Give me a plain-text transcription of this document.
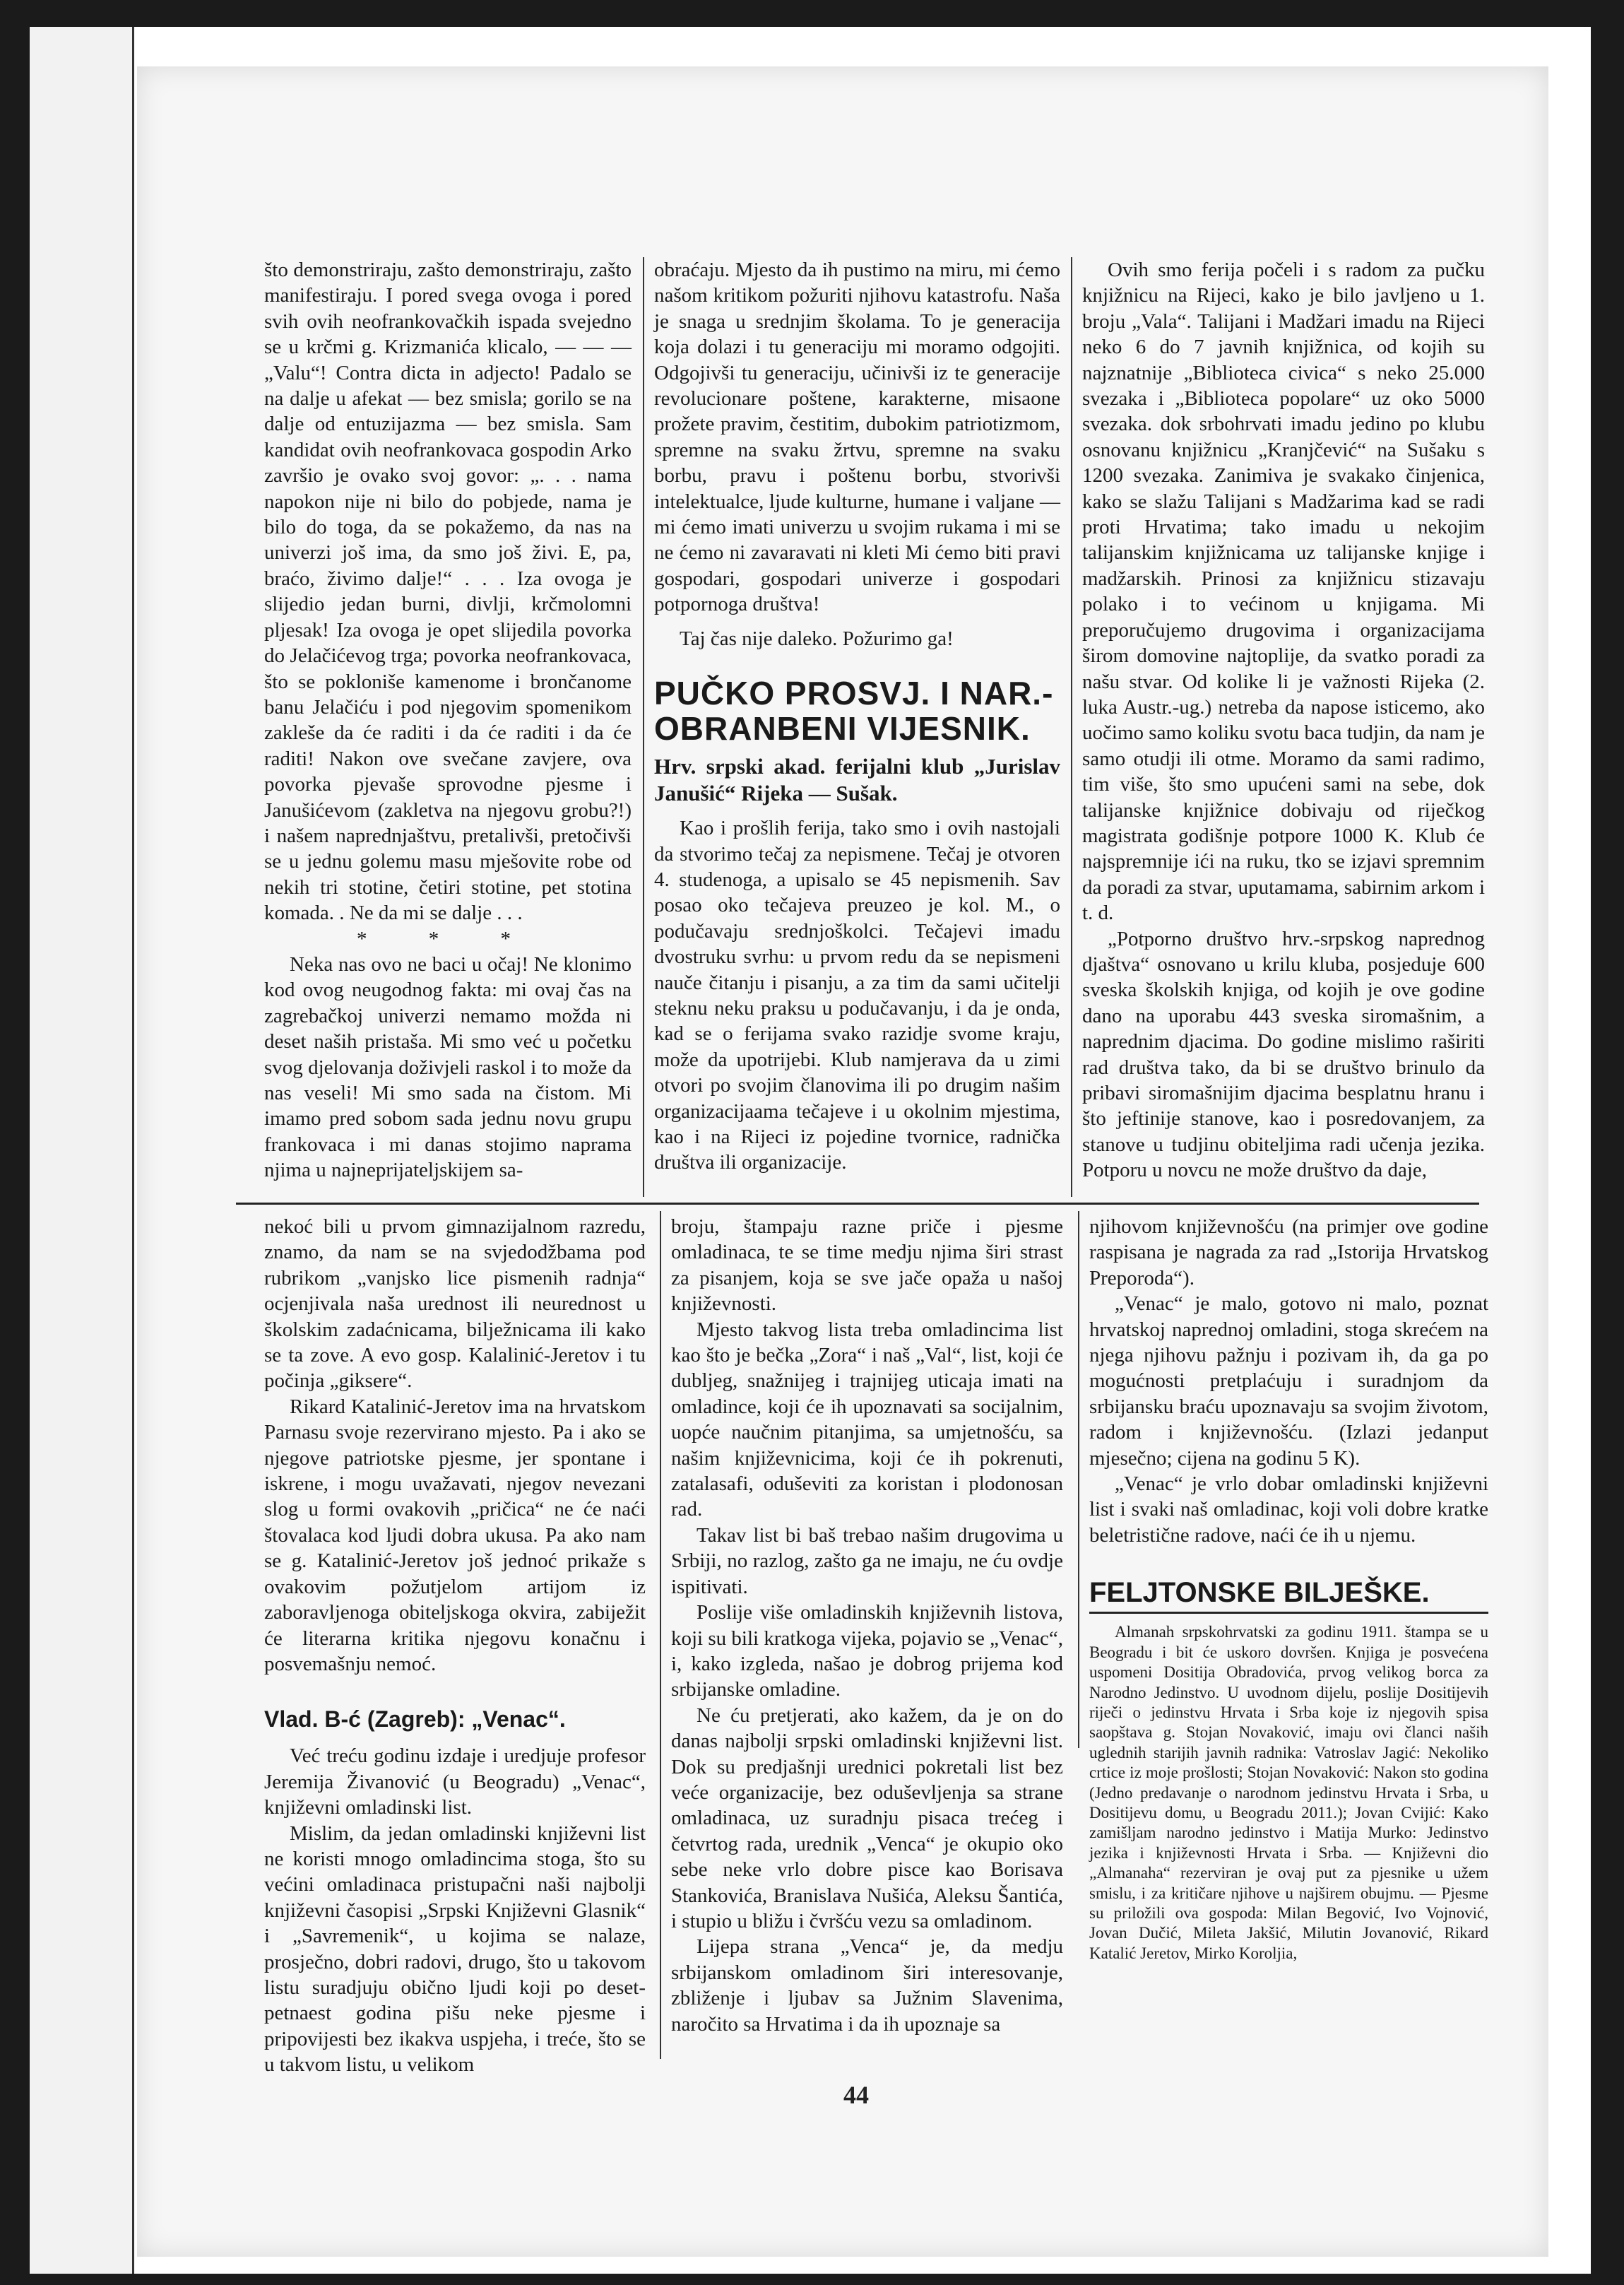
što demonstriraju, zašto demonstriraju, zašto manifestiraju. I pored svega ovoga i pored svih ovih neofrankovačkih ispada svejedno se u krčmi g. Krizmanića klicalo, — — — „Valu“! Contra dicta in adjecto! Padalo se na dalje u afekat — bez smisla; gorilo se na dalje od entuzijazma — bez smisla. Sam kandidat ovih neofrankovaca gospodin Arko završio je ovako svoj govor: „. . . nama napokon nije ni bilo do pobjede, nama je bilo do toga, da se pokažemo, da nas na univerzi još ima, da smo još živi. E, pa, braćo, živimo dalje!“ . . . Iza ovoga je slijedio jedan burni, divlji, krčmolomni pljesak! Iza ovoga je opet slijedila povorka do Jelačićevog trga; povorka neofrankovaca, što se pokloniše kamenome i brončanome banu Jelačiću i pod njegovim spomenikom zakleše da će raditi i da će raditi i da će raditi! Nakon ove svečane zavjere, ova povorka pjevaše sprovodne pjesme i Janušićevom (zakletva na njegovu grobu?!) i našem naprednjaštvu, pretalivši, pretočivši se u jednu golemu masu mješovite robe od nekih tri stotine, četiri stotine, pet stotina komada. . Ne da mi se dalje . . .

* * *

Neka nas ovo ne baci u očaj! Ne klonimo kod ovog neugodnog fakta: mi ovaj čas na zagrebačkoj univerzi nemamo možda ni deset naših pristaša. Mi smo već u početku svog djelovanja doživjeli raskol i to može da nas veseli! Mi smo sada na čistom. Mi imamo pred sobom sada jednu novu grupu frankovaca i mi danas stojimo naprama njima u najneprijateljskijem sa-

obraćaju. Mjesto da ih pustimo na miru, mi ćemo našom kritikom požuriti njihovu katastrofu. Naša je snaga u srednjim školama. To je generacija koja dolazi i tu generaciju mi moramo odgojiti. Odgojivši tu generaciju, učinivši iz te generacije revolucionare poštene, karakterne, misaone prožete pravim, čestitim, dubokim patriotizmom, spremne na svaku žrtvu, spremne na svaku borbu, pravu i poštenu borbu, stvorivši intelektualce, ljude kulturne, humane i valjane — mi ćemo imati univerzu u svojim rukama i mi se ne ćemo ni zavaravati ni kleti Mi ćemo biti pravi gospodari, gospodari univerze i gospodari potpornoga društva!

Taj čas nije daleko. Požurimo ga!

PUČKO PROSVJ. I NAR.-OBRANBENI VIJESNIK.
Hrv. srpski akad. ferijalni klub „Jurislav Janušić“ Rijeka — Sušak.

Kao i prošlih ferija, tako smo i ovih nastojali da stvorimo tečaj za nepismene. Tečaj je otvoren 4. studenoga, a upisalo se 45 nepismenih. Sav posao oko tečajeva preuzeo je kol. M., o podučavaju srednjoškolci. Tečajevi imadu dvostruku svrhu: u prvom redu da se nepismeni nauče čitanju i pisanju, a za tim da sami učitelji steknu neku praksu u podučavanju, i da je onda, kad se o ferijama svako razidje svome kraju, može da upotrijebi. Klub namjerava da u zimi otvori po svojim članovima ili po drugim našim organizacijaama tečajeve i u okolnim mjestima, kao i na Rijeci iz pojedine tvornice, radnička društva ili organizacije.

Ovih smo ferija počeli i s radom za pučku knjižnicu na Rijeci, kako je bilo javljeno u 1. broju „Vala“. Talijani i Madžari imadu na Rijeci neko 6 do 7 javnih knjižnica, od kojih su najznatnije „Biblioteca civica“ s neko 25.000 svezaka i „Biblioteca popolare“ uz oko 5000 svezaka. dok srbohrvati imadu jedino po klubu osnovanu knjižnicu „Kranjčević“ na Sušaku s 1200 svezaka. Zanimiva je svakako činjenica, kako se slažu Talijani s Madžarima kad se radi proti Hrvatima; tako imadu u nekojim talijanskim knjižnicama uz talijanske knjige i madžarskih. Prinosi za knjižnicu stizavaju polako i to većinom u knjigama. Mi preporučujemo drugovima i organizacijama širom domovine najtoplije, da svatko poradi za našu stvar. Od kolike li je važnosti Rijeka (2. luka Austr.-ug.) netreba da napose isticemo, ako uočimo samo koliku svotu baca tudjin, da nam je samo otudji ili otme. Moramo da sami radimo, tim više, što smo upućeni sami na sebe, dok talijanske knjižnice dobivaju od riječkog magistrata godišnje potpore 1000 K. Klub će najspremnije ići na ruku, tko se izjavi spremnim da poradi za stvar, uputamama, sabirnim arkom i t. d.

„Potporno društvo hrv.-srpskog naprednog djaštva“ osnovano u krilu kluba, posjeduje 600 sveska školskih knjiga, od kojih je ove godine dano na uporabu 443 sveska siromašnim, a naprednim djacima. Do godine mislimo raširiti rad društva tako, da bi se društvo brinulo da pribavi siromašnijim djacima besplatnu hranu i što jeftinije stanove, kao i posredovanjem, za stanove u tudjinu obiteljima radi učenja jezika. Potporu u novcu ne može društvo da daje,

nekoć bili u prvom gimnazijalnom razredu, znamo, da nam se na svjedodžbama pod rubrikom „vanjsko lice pismenih radnja“ ocjenjivala naša urednost ili neurednost u školskim zadaćnicama, bilježnicama ili kako se ta zove. A evo gosp. Kalalinić-Jeretov i tu počinja „giksere“.

Rikard Katalinić-Jeretov ima na hrvatskom Parnasu svoje rezervirano mjesto. Pa i ako se njegove patriotske pjesme, jer spontane i iskrene, i mogu uvažavati, njegov nevezani slog u formi ovakovih „pričica“ ne će naći štovalaca kod ljudi dobra ukusa. Pa ako nam se g. Katalinić-Jeretov još jednoć prikaže s ovakovim požutjelom artijom iz zaboravljenoga obiteljskoga okvira, zabiježit će literarna kritika njegovu konačnu i posvemašnju nemoć.

Vlad. B-ć (Zagreb): „Venac“.

Već treću godinu izdaje i uredjuje profesor Jeremija Živanović (u Beogradu) „Venac“, književni omladinski list.

Mislim, da jedan omladinski književni list ne koristi mnogo omladincima stoga, što su većini omladinaca pristupačni naši najbolji književni časopisi „Srpski Književni Glasnik“ i „Savremenik“, u kojima se nalaze, prosječno, dobri radovi, drugo, što u takovom listu suradjuju obično ljudi koji po deset-petnaest godina pišu neke pjesme i pripovijesti bez ikakva uspjeha, i treće, što se u takvom listu, u velikom

broju, štampaju razne priče i pjesme omladinaca, te se time medju njima širi strast za pisanjem, koja se sve jače opaža u našoj književnosti.

Mjesto takvog lista treba omladincima list kao što je bečka „Zora“ i naš „Val“, list, koji će dubljeg, snažnijeg i trajnijeg uticaja imati na omladince, koji će ih upoznavati sa socijalnim, uopće naučnim pitanjima, sa umjetnošću, sa našim književnicima, koji će ih pokrenuti, zatalasafi, oduševiti za koristan i plodonosan rad.

Takav list bi baš trebao našim drugovima u Srbiji, no razlog, zašto ga ne imaju, ne ću ovdje ispitivati.

Poslije više omladinskih književnih listova, koji su bili kratkoga vijeka, pojavio se „Venac“, i, kako izgleda, našao je dobrog prijema kod srbijanske omladine.

Ne ću pretjerati, ako kažem, da je on do danas najbolji srpski omladinski književni list. Dok su predjašnji urednici pokretali list bez veće organizacije, bez oduševljenja sa strane omladinaca, uz suradnju pisaca trećeg i četvrtog rada, urednik „Venca“ je okupio oko sebe neke vrlo dobre pisce kao Borisava Stankovića, Branislava Nušića, Aleksu Šantića, i stupio u bližu i čvršću vezu sa omladinom.

Lijepa strana „Venca“ je, da medju srbijanskom omladinom širi interesovanje, zbliženje i ljubav sa Južnim Slavenima, naročito sa Hrvatima i da ih upoznaje sa

njihovom književnošću (na primjer ove godine raspisana je nagrada za rad „Istorija Hrvatskog Preporoda“).

„Venac“ je malo, gotovo ni malo, poznat hrvatskoj naprednoj omladini, stoga skrećem na njega njihovu pažnju i pozivam ih, da ga po mogućnosti pretplaćuju i suradnjom da srbijansku braću upoznavaju sa svojim životom, radom i književnošću. (Izlazi jedanput mjesečno; cijena na godinu 5 K).

„Venac“ je vrlo dobar omladinski književni list i svaki naš omladinac, koji voli dobre kratke beletristične radove, naći će ih u njemu.

FELJTONSKE BILJEŠKE.

Almanah srpskohrvatski za godinu 1911. štampa se u Beogradu i bit će uskoro dovršen. Knjiga je posvećena uspomeni Dositija Obradovića, prvog velikog borca za Narodno Jedinstvo. U uvodnom dijelu, poslije Dositijevih riječi o jedinstvu Hrvata i Srba koje iz njegovih spisa saopštava g. Stojan Novaković, imaju ovi članci naših uglednih starijih javnih radnika: Vatroslav Jagić: Nekoliko crtice iz moje prošlosti; Stojan Novaković: Nakon sto godina (Jedno predavanje o narodnom jedinstvu Hrvata i Srba, u Dositijevu domu, u Beogradu 2011.); Jovan Cvijić: Kako zamišljam narodno jedinstvo i Matija Murko: Jedinstvo jezika i književnosti Hrvata i Srba. — Književni dio „Almanaha“ rezerviran je ovaj put za pjesnike u užem smislu, i za kritičare njihove u najširem obujmu. — Pjesme su priložili ova gospoda: Milan Begović, Ivo Vojnović, Jovan Dučić, Mileta Jakšić, Milutin Jovanović, Rikard Katalić Jeretov, Mirko Koroljia,

44
